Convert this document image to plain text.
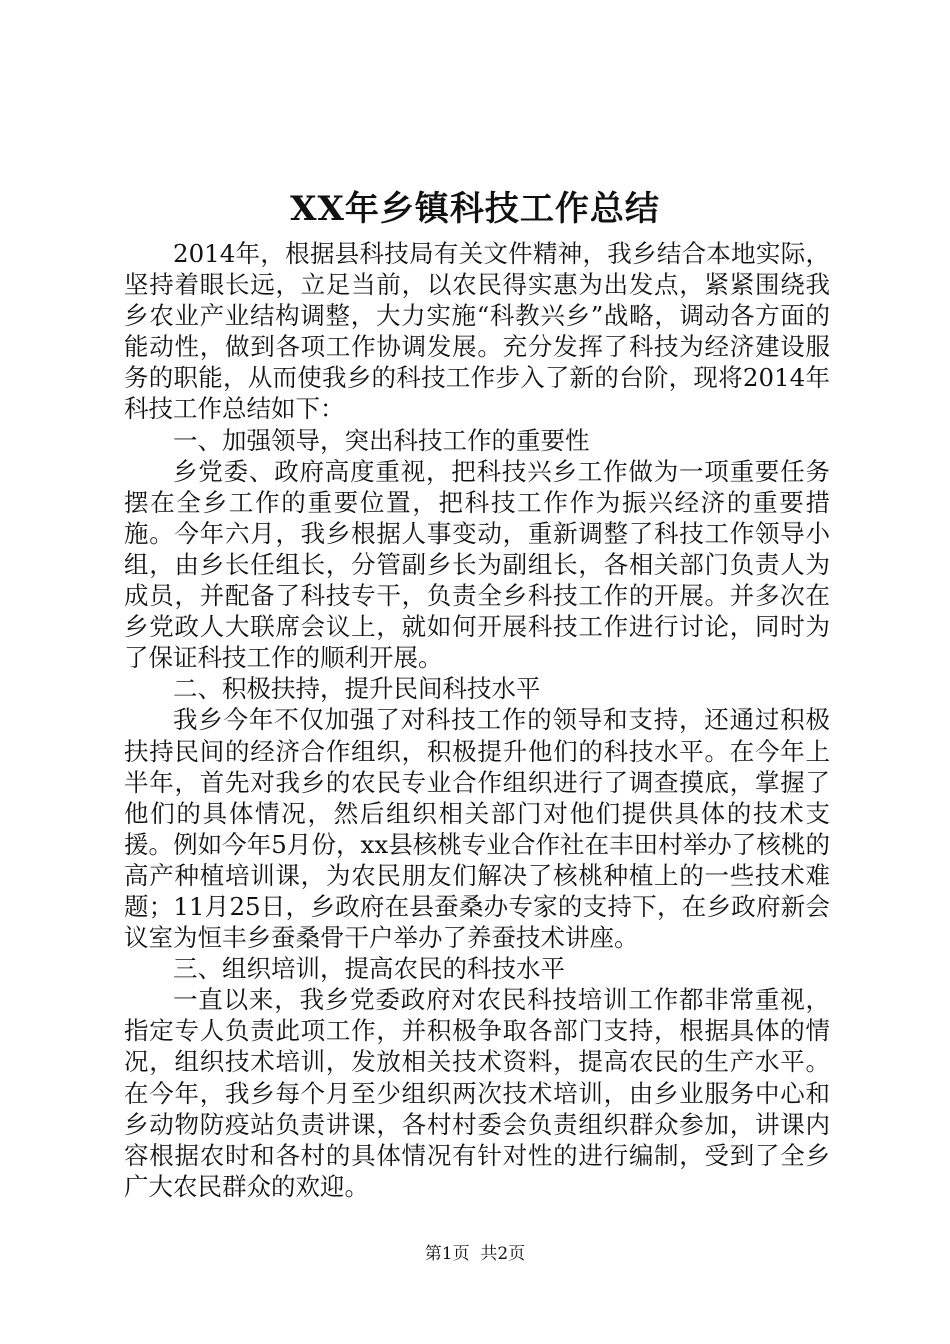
XX年乡镇科技工作总结

2014年，根据县科技局有关文件精神，我乡结合本地实际，坚持着眼长远，立足当前，以农民得实惠为出发点，紧紧围绕我乡农业产业结构调整，大力实施“科教兴乡”战略，调动各方面的能动性，做到各项工作协调发展。充分发挥了科技为经济建设服务的职能，从而使我乡的科技工作步入了新的台阶，现将2014年科技工作总结如下：

一、加强领导，突出科技工作的重要性

乡党委、政府高度重视，把科技兴乡工作做为一项重要任务摆在全乡工作的重要位置，把科技工作作为振兴经济的重要措施。今年六月，我乡根据人事变动，重新调整了科技工作领导小组，由乡长任组长，分管副乡长为副组长，各相关部门负责人为成员，并配备了科技专干，负责全乡科技工作的开展。并多次在乡党政人大联席会议上，就如何开展科技工作进行讨论，同时为了保证科技工作的顺利开展。

二、积极扶持，提升民间科技水平

我乡今年不仅加强了对科技工作的领导和支持，还通过积极扶持民间的经济合作组织，积极提升他们的科技水平。在今年上半年，首先对我乡的农民专业合作组织进行了调查摸底，掌握了他们的具体情况，然后组织相关部门对他们提供具体的技术支援。例如今年5月份，xx县核桃专业合作社在丰田村举办了核桃的高产种植培训课，为农民朋友们解决了核桃种植上的一些技术难题；11月25日，乡政府在县蚕桑办专家的支持下，在乡政府新会议室为恒丰乡蚕桑骨干户举办了养蚕技术讲座。

三、组织培训，提高农民的科技水平

一直以来，我乡党委政府对农民科技培训工作都非常重视，指定专人负责此项工作，并积极争取各部门支持，根据具体的情况，组织技术培训，发放相关技术资料，提高农民的生产水平。在今年，我乡每个月至少组织两次技术培训，由乡业服务中心和乡动物防疫站负责讲课，各村村委会负责组织群众参加，讲课内容根据农时和各村的具体情况有针对性的进行编制，受到了全乡广大农民群众的欢迎。

第1页  共2页
